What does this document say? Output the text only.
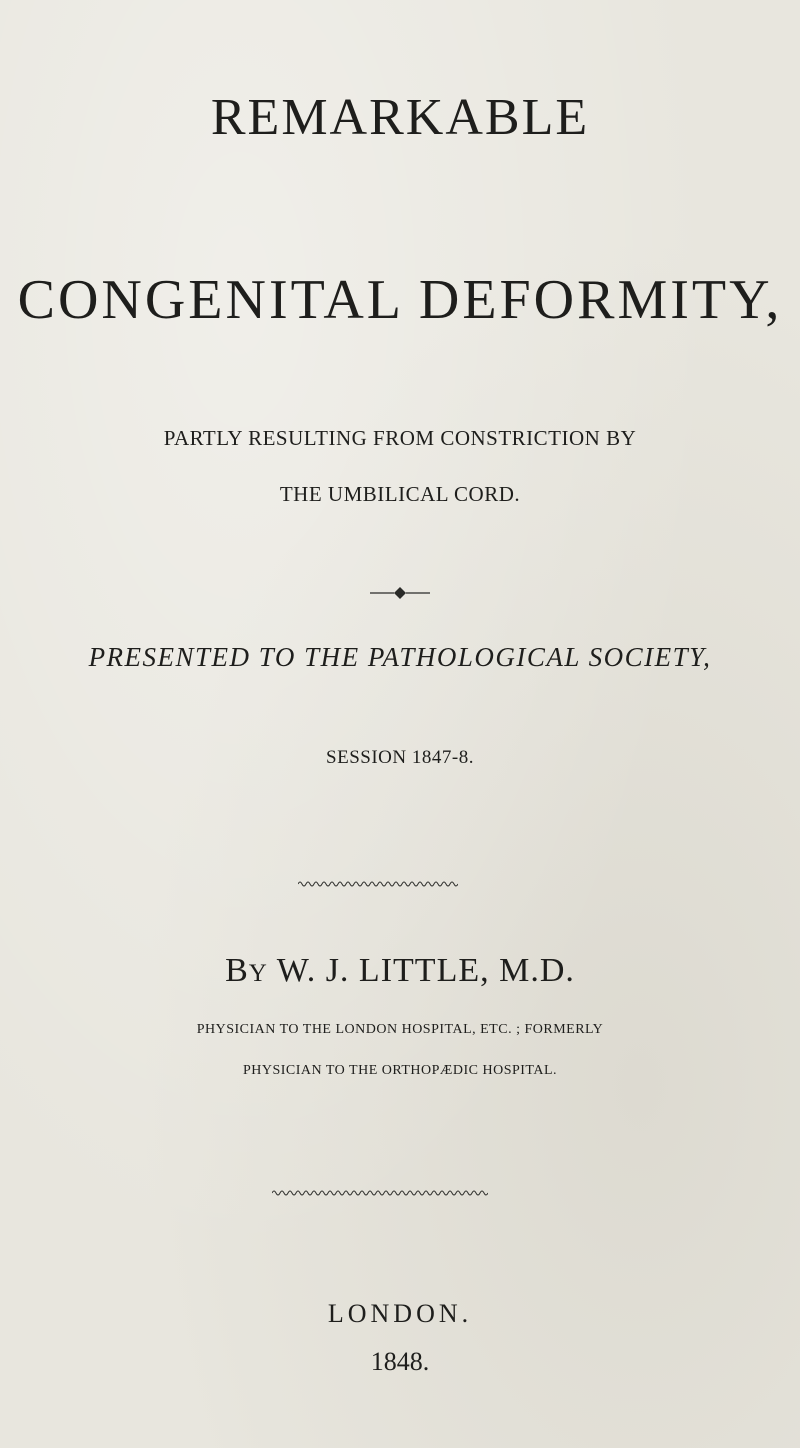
REMARKABLE
CONGENITAL DEFORMITY,
PARTLY RESULTING FROM CONSTRICTION BY
THE UMBILICAL CORD.
PRESENTED TO THE PATHOLOGICAL SOCIETY,
SESSION 1847-8.
BY W. J. LITTLE, M.D.
PHYSICIAN TO THE LONDON HOSPITAL, ETC. ; FORMERLY
PHYSICIAN TO THE ORTHOPÆDIC HOSPITAL.
LONDON.
1848.
